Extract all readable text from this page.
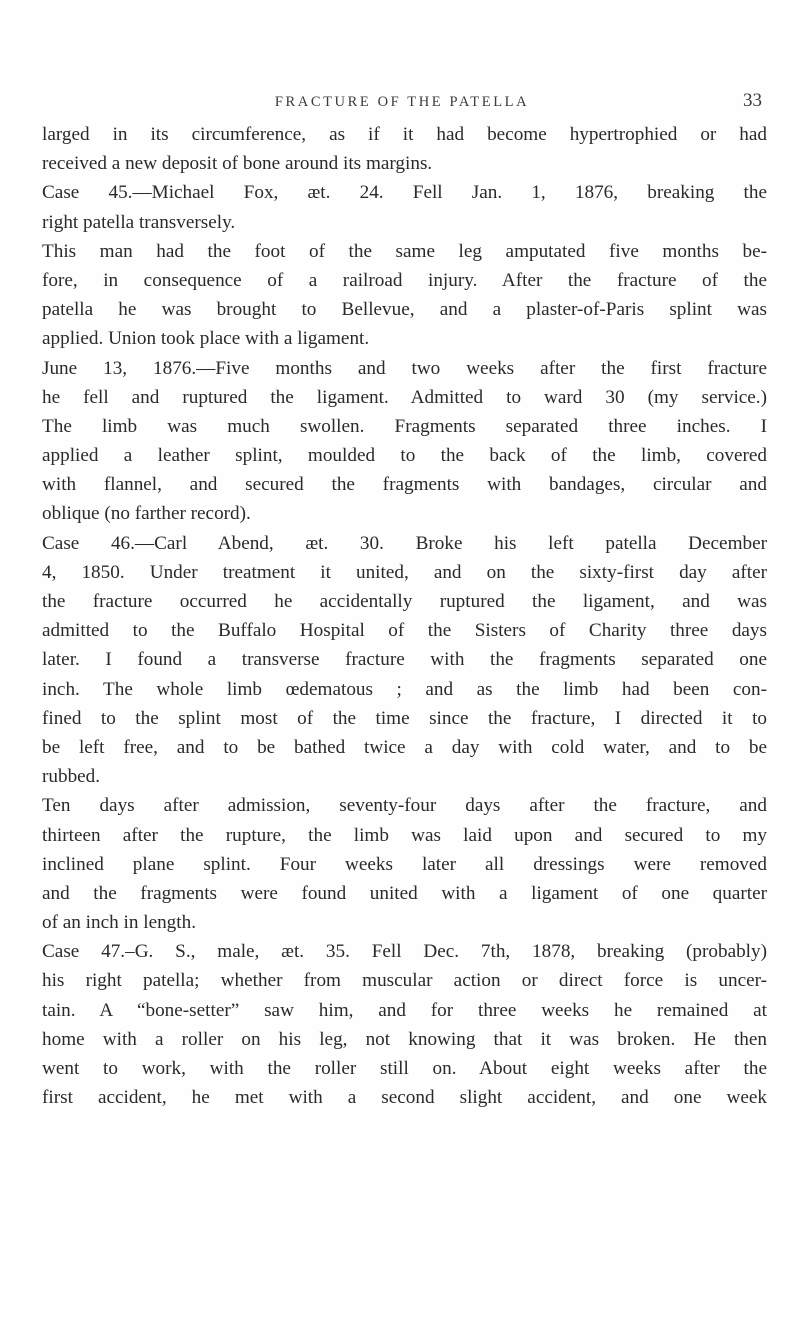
FRACTURE OF THE PATELLA	33
larged in its circumference, as if it had become hypertrophied or had
received a new deposit of bone around its margins.
Case 45.—Michael Fox, æt. 24. Fell Jan. 1, 1876, breaking the
right patella transversely.
This man had the foot of the same leg amputated five months be-
fore, in consequence of a railroad injury. After the fracture of the
patella he was brought to Bellevue, and a plaster-of-Paris splint was
applied. Union took place with a ligament.
June 13, 1876.—Five months and two weeks after the first fracture
he fell and ruptured the ligament. Admitted to ward 30 (my service.)
The limb was much swollen. Fragments separated three inches. I
applied a leather splint, moulded to the back of the limb, covered
with flannel, and secured the fragments with bandages, circular and
oblique (no farther record).
Case 46.—Carl Abend, æt. 30. Broke his left patella December
4, 1850. Under treatment it united, and on the sixty-first day after
the fracture occurred he accidentally ruptured the ligament, and was
admitted to the Buffalo Hospital of the Sisters of Charity three days
later. I found a transverse fracture with the fragments separated one
inch. The whole limb œdematous ; and as the limb had been con-
fined to the splint most of the time since the fracture, I directed it to
be left free, and to be bathed twice a day with cold water, and to be
rubbed.
Ten days after admission, seventy-four days after the fracture, and
thirteen after the rupture, the limb was laid upon and secured to my
inclined plane splint. Four weeks later all dressings were removed
and the fragments were found united with a ligament of one quarter
of an inch in length.
Case 47.–G. S., male, æt. 35. Fell Dec. 7th, 1878, breaking (probably)
his right patella; whether from muscular action or direct force is uncer-
tain. A “bone-setter” saw him, and for three weeks he remained at
home with a roller on his leg, not knowing that it was broken. He then
went to work, with the roller still on. About eight weeks after the
first accident, he met with a second slight accident, and one week
